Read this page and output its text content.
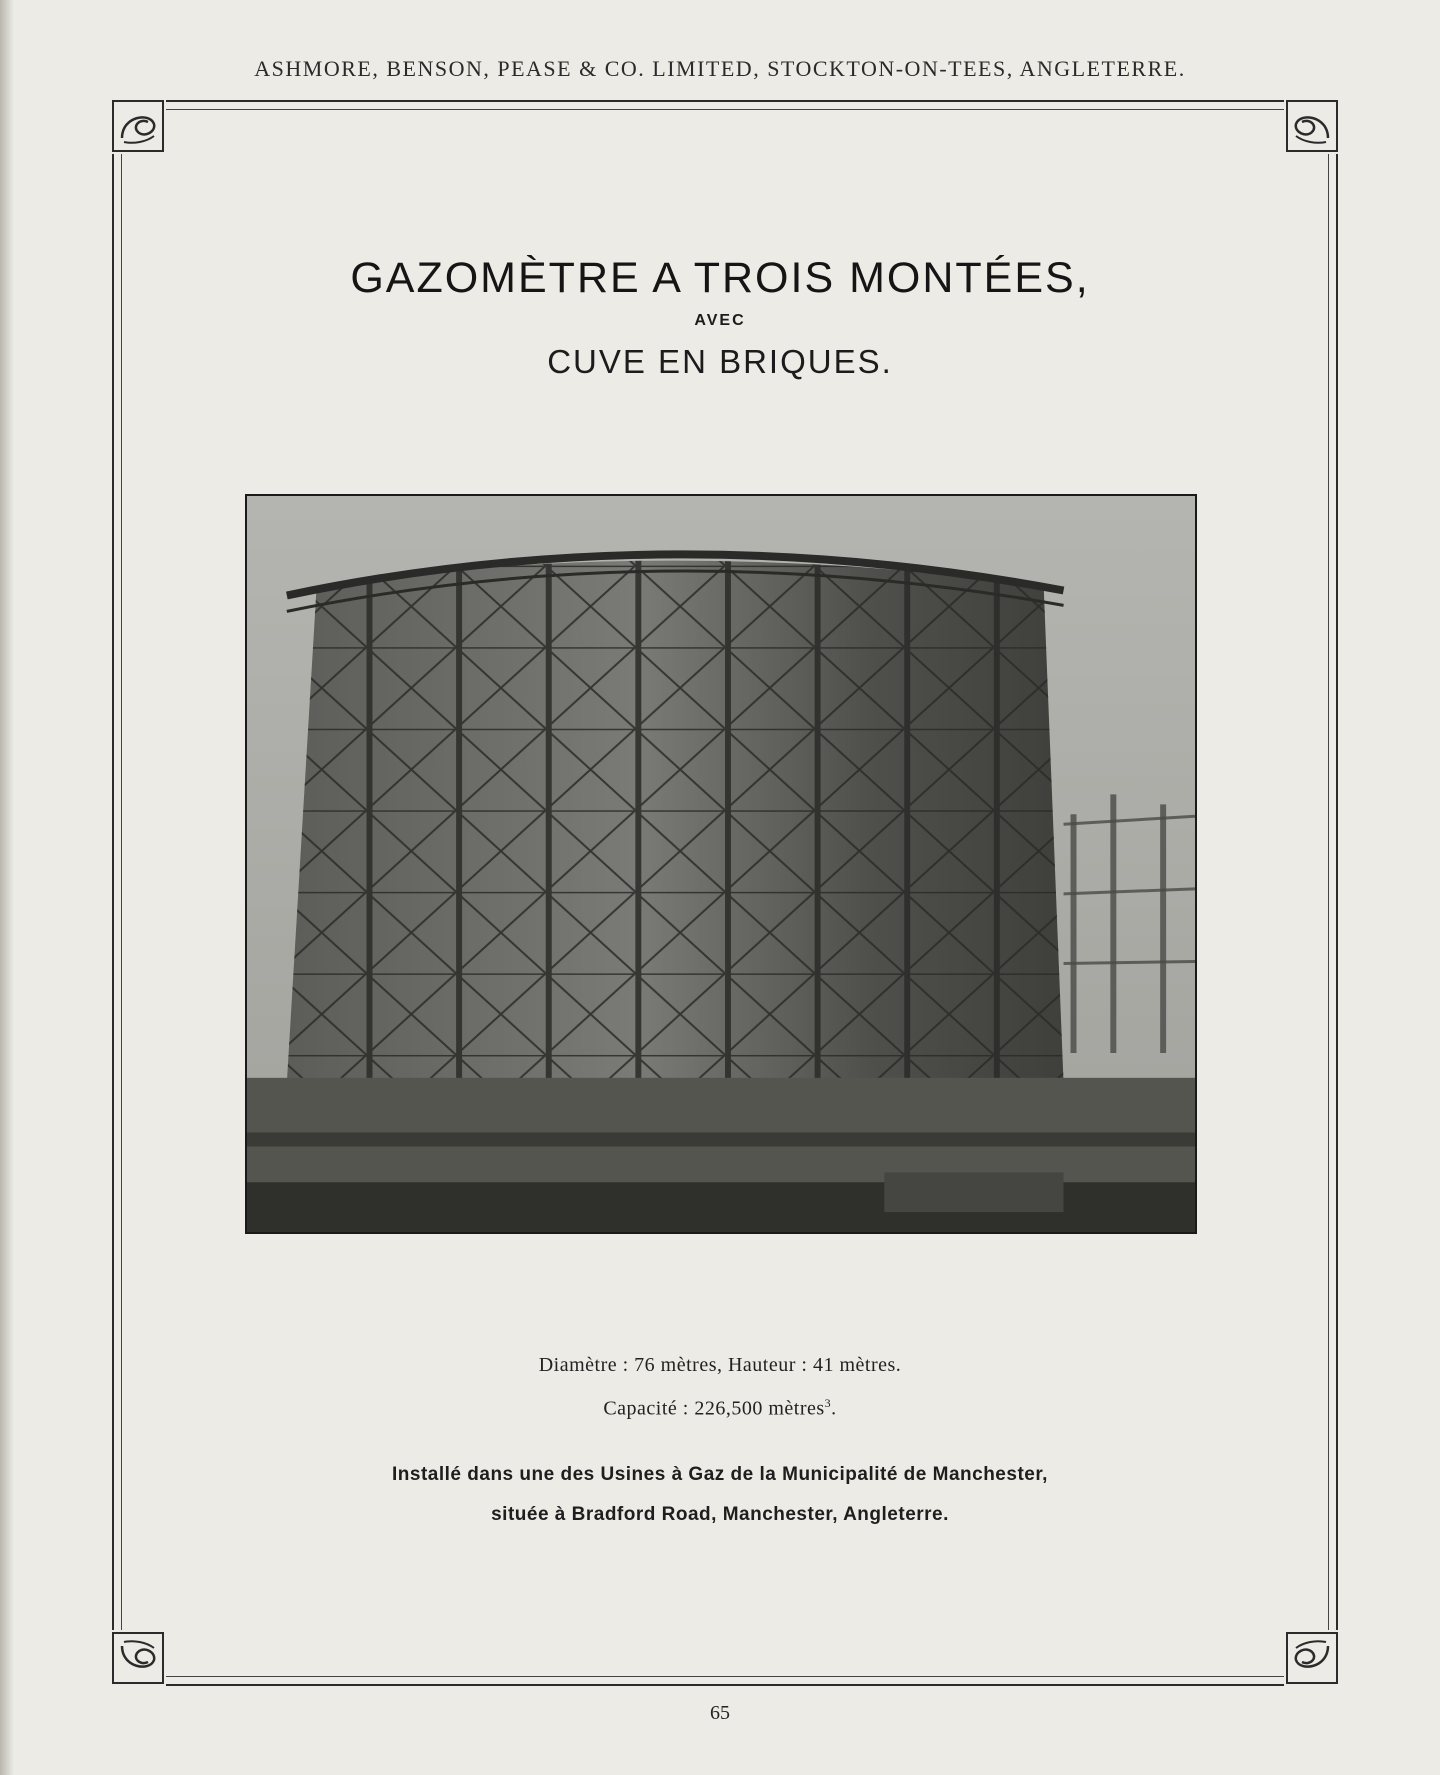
ASHMORE, BENSON, PEASE & CO. LIMITED, STOCKTON-ON-TEES, ANGLETERRE.
GAZOMÈTRE A TROIS MONTÉES,
AVEC
CUVE EN BRIQUES.
Diamètre : 76 mètres, Hauteur : 41 mètres.
Capacité : 226,500 mètres$^3$.
Installé dans une des Usines à Gaz de la Municipalité de Manchester,
située à Bradford Road, Manchester, Angleterre.
65
